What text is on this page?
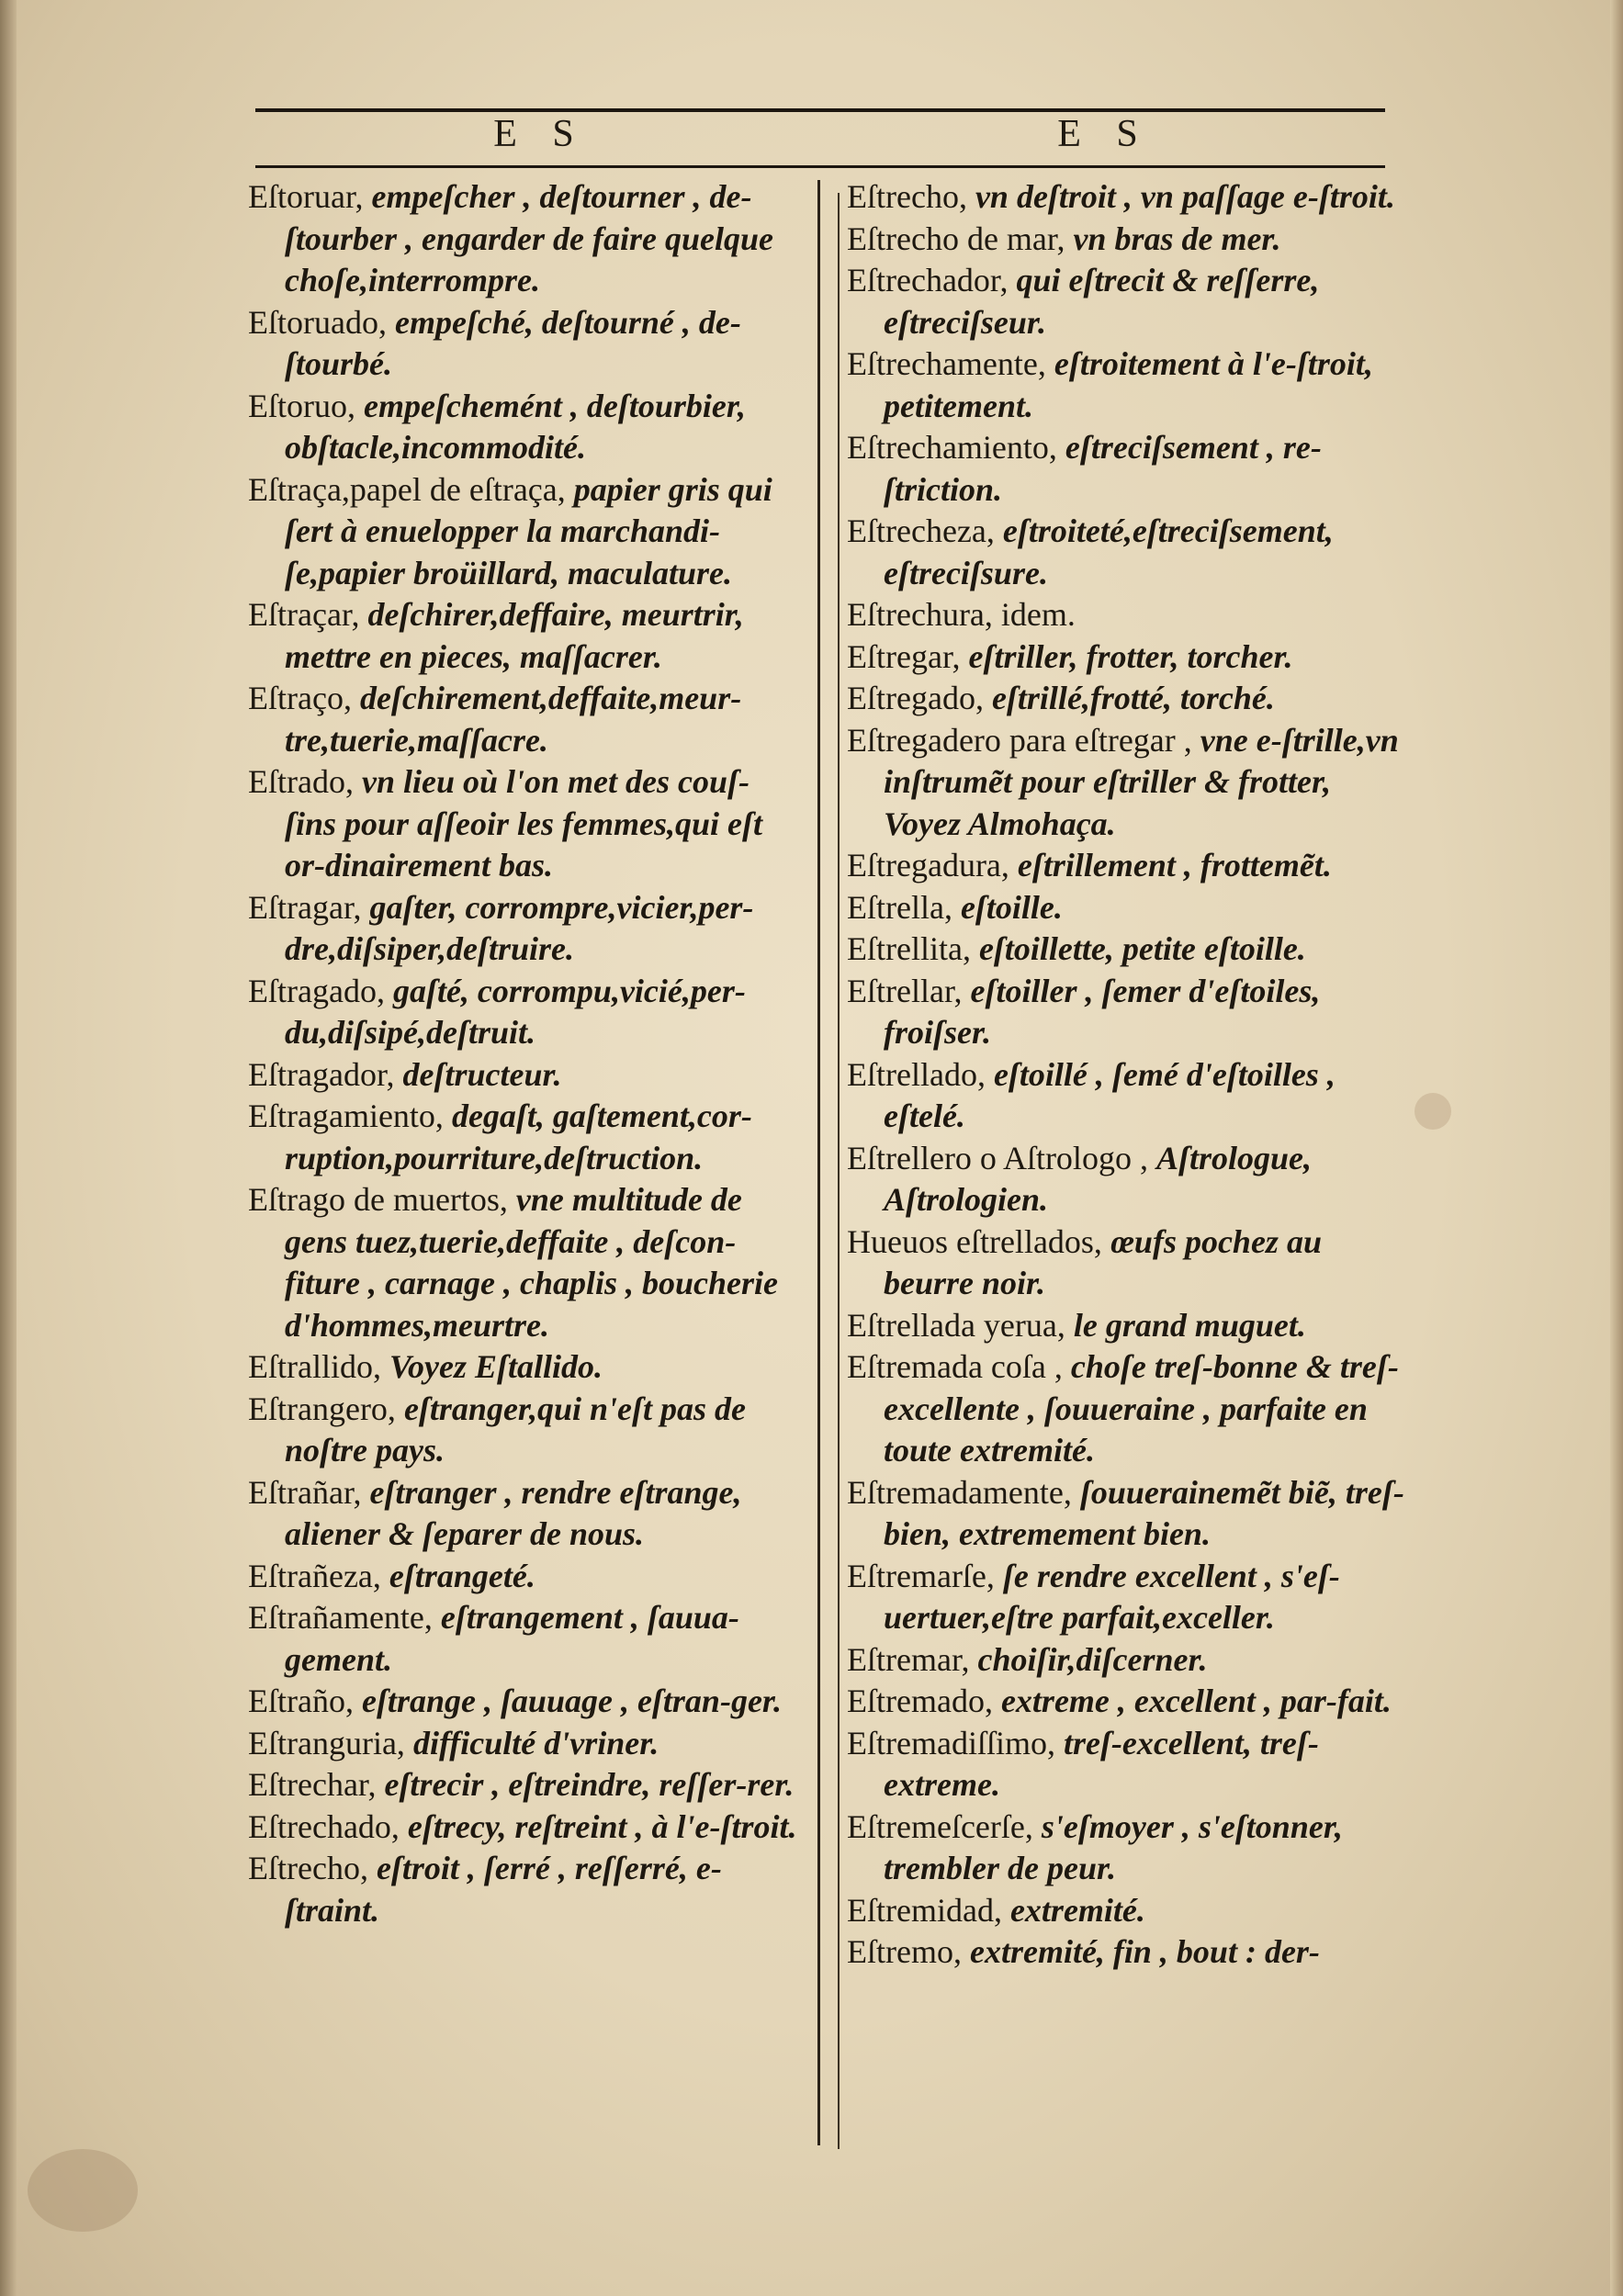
E S	E S

Eſtoruar, empeſcher , deſtourner , de-ſtourber , engarder de faire quelque choſe,interrompre.

Eſtoruado, empeſché, deſtourné , de-ſtourbé.

Eſtoruo, empeſchemént , deſtourbier, obſtacle,incommodité.

Eſtraça,papel de eſtraça, papier gris qui ſert à enuelopper la marchandi-ſe,papier broüillard, maculature.

Eſtraçar, deſchirer,deffaire, meurtrir, mettre en pieces, maſſacrer.

Eſtraço, deſchirement,deffaite,meur-tre,tuerie,maſſacre.

Eſtrado, vn lieu où l'on met des couſ-ſins pour aſſeoir les femmes,qui eſt or-dinairement bas.

Eſtragar, gaſter, corrompre,vicier,per-dre,diſsiper,deſtruire.

Eſtragado, gaſté, corrompu,vicié,per-du,diſsipé,deſtruit.

Eſtragador, deſtructeur.

Eſtragamiento, degaſt, gaſtement,cor-ruption,pourriture,deſtruction.

Eſtrago de muertos, vne multitude de gens tuez,tuerie,deffaite , deſcon-fiture , carnage , chaplis , boucherie d'hommes,meurtre.

Eſtrallido, Voyez Eſtallido.

Eſtrangero, eſtranger,qui n'eſt pas de noſtre pays.

Eſtrañar, eſtranger , rendre eſtrange, aliener & ſeparer de nous.

Eſtrañeza, eſtrangeté.

Eſtrañamente, eſtrangement , ſauua-gement.

Eſtraño, eſtrange , ſauuage , eſtran-ger.

Eſtranguria, difficulté d'vriner.

Eſtrechar, eſtrecir , eſtreindre, reſſer-rer.

Eſtrechado, eſtrecy, reſtreint , à l'e-ſtroit.

Eſtrecho, eſtroit , ſerré , reſſerré, e-ſtraint.

Eſtrecho, vn deſtroit , vn paſſage e-ſtroit.

Eſtrecho de mar, vn bras de mer.

Eſtrechador, qui eſtrecit & reſſerre, eſtreciſseur.

Eſtrechamente, eſtroitement à l'e-ſtroit, petitement.

Eſtrechamiento, eſtreciſsement , re-ſtriction.

Eſtrecheza, eſtroiteté,eſtreciſsement, eſtreciſsure.

Eſtrechura, idem.

Eſtregar, eſtriller, frotter, torcher.

Eſtregado, eſtrillé,frotté, torché.

Eſtregadero para eſtregar , vne e-ſtrille,vn inſtrumẽt pour eſtriller & frotter, Voyez Almohaça.

Eſtregadura, eſtrillement , frottemẽt.

Eſtrella, eſtoille.

Eſtrellita, eſtoillette, petite eſtoille.

Eſtrellar, eſtoiller , ſemer d'eſtoiles, froiſser.

Eſtrellado, eſtoillé , ſemé d'eſtoilles , eſtelé.

Eſtrellero o Aſtrologo , Aſtrologue, Aſtrologien.

Hueuos eſtrellados, œufs pochez au beurre noir.

Eſtrellada yerua, le grand muguet.

Eſtremada coſa , choſe treſ-bonne & treſ-excellente , ſouueraine , parfaite en toute extremité.

Eſtremadamente, ſouuerainemẽt biẽ, treſ-bien, extremement bien.

Eſtremarſe, ſe rendre excellent , s'eſ-uertuer,eſtre parfait,exceller.

Eſtremar, choiſir,diſcerner.

Eſtremado, extreme , excellent , par-fait.

Eſtremadiſſimo, treſ-excellent, treſ-extreme.

Eſtremeſcerſe, s'eſmoyer , s'eſtonner, trembler de peur.

Eſtremidad, extremité.

Eſtremo, extremité, fin , bout : der-
